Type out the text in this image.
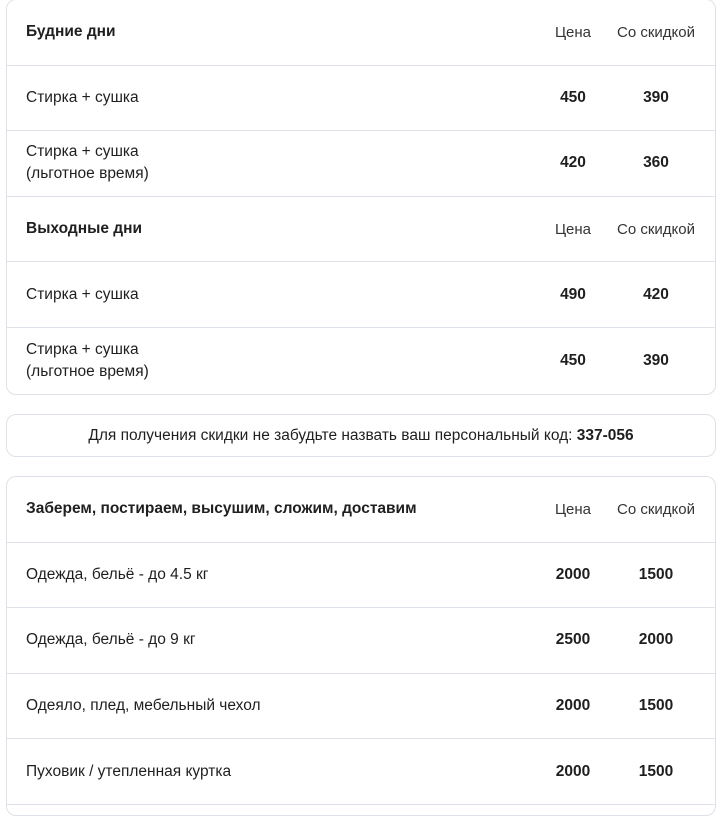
Будние дни	Цена	Со скидкой
Стирка + сушка	450	390
Стирка + сушка
(льготное время)
420	360
Выходные дни	Цена	Со скидкой
Стирка + сушка	490	420
Стирка + сушка
(льготное время)
450	390
Для получения скидки не забудьте назвать ваш персональный код: 337-056
Заберем, постираем, высушим, сложим, доставим	Цена	Со скидкой
Одежда, бельё - до 4.5 кг	2000	1500
Одежда, бельё - до 9 кг	2500	2000
Одеяло, плед, мебельный чехол	2000	1500
Пуховик / утепленная куртка	2000	1500
